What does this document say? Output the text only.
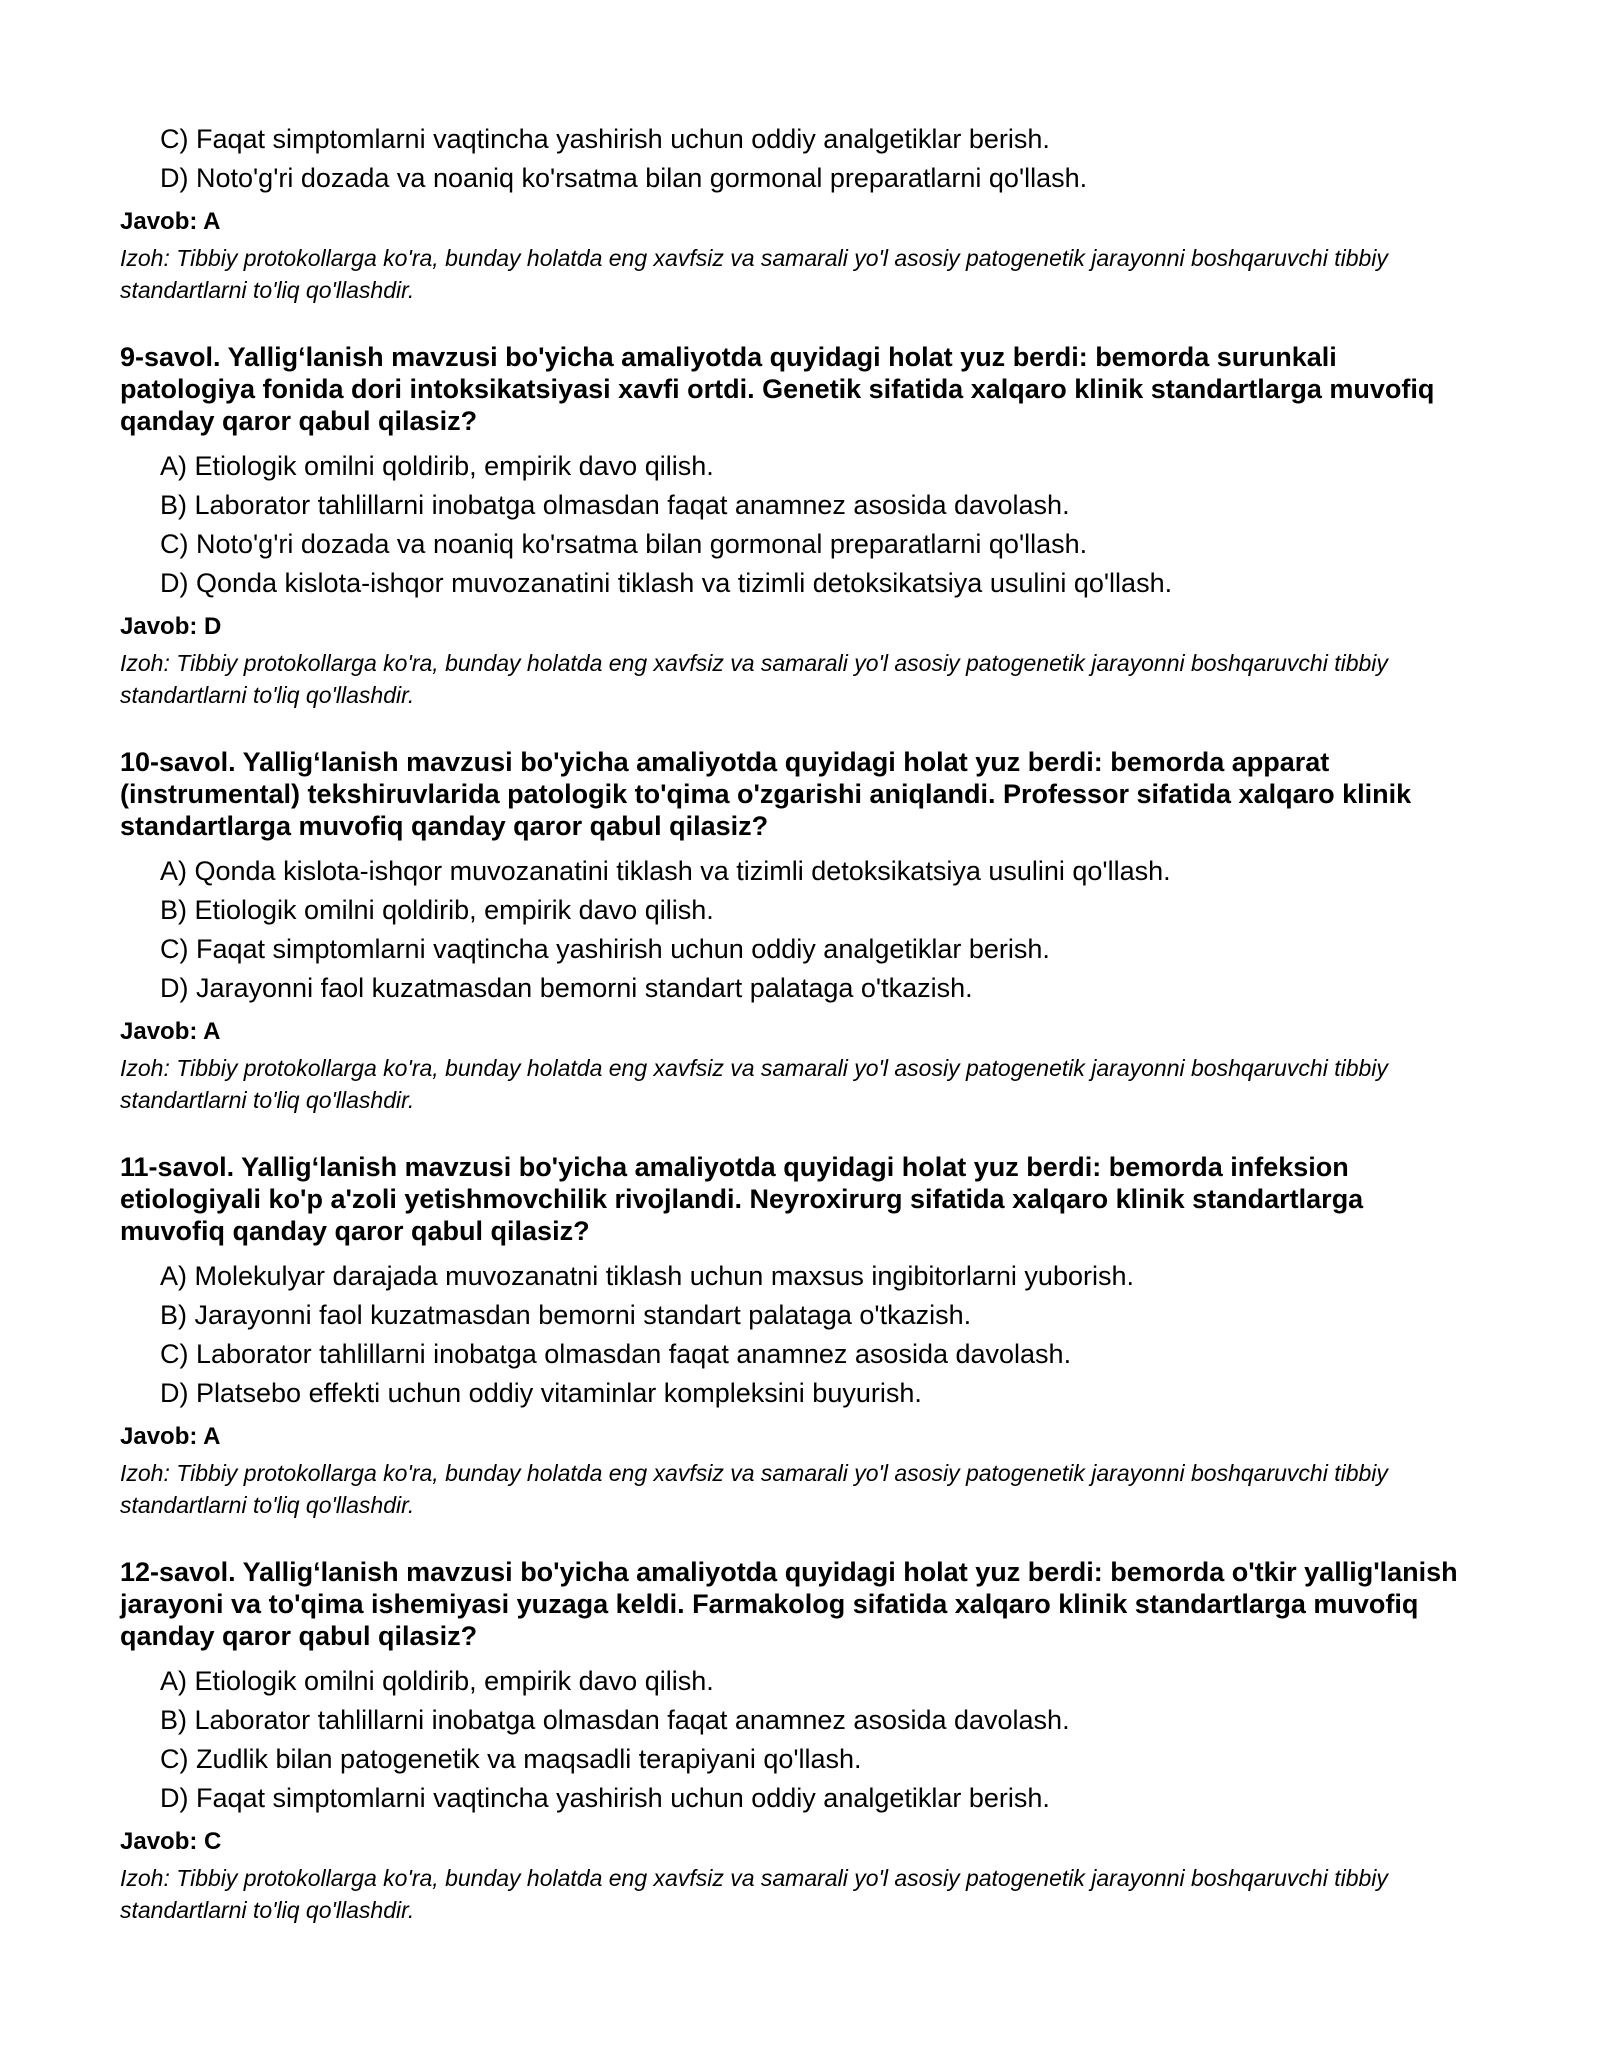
C) Faqat simptomlarni vaqtincha yashirish uchun oddiy analgetiklar berish.
D) Noto'g'ri dozada va noaniq ko'rsatma bilan gormonal preparatlarni qo'llash.
Javob: A
Izoh: Tibbiy protokollarga ko'ra, bunday holatda eng xavfsiz va samarali yo'l asosiy patogenetik jarayonni boshqaruvchi tibbiy standartlarni to'liq qo'llashdir.
9-savol. Yallig‘lanish mavzusi bo'yicha amaliyotda quyidagi holat yuz berdi: bemorda surunkali patologiya fonida dori intoksikatsiyasi xavfi ortdi. Genetik sifatida xalqaro klinik standartlarga muvofiq qanday qaror qabul qilasiz?
A) Etiologik omilni qoldirib, empirik davo qilish.
B) Laborator tahlillarni inobatga olmasdan faqat anamnez asosida davolash.
C) Noto'g'ri dozada va noaniq ko'rsatma bilan gormonal preparatlarni qo'llash.
D) Qonda kislota-ishqor muvozanatini tiklash va tizimli detoksikatsiya usulini qo'llash.
Javob: D
Izoh: Tibbiy protokollarga ko'ra, bunday holatda eng xavfsiz va samarali yo'l asosiy patogenetik jarayonni boshqaruvchi tibbiy standartlarni to'liq qo'llashdir.
10-savol. Yallig‘lanish mavzusi bo'yicha amaliyotda quyidagi holat yuz berdi: bemorda apparat (instrumental) tekshiruvlarida patologik to'qima o'zgarishi aniqlandi. Professor sifatida xalqaro klinik standartlarga muvofiq qanday qaror qabul qilasiz?
A) Qonda kislota-ishqor muvozanatini tiklash va tizimli detoksikatsiya usulini qo'llash.
B) Etiologik omilni qoldirib, empirik davo qilish.
C) Faqat simptomlarni vaqtincha yashirish uchun oddiy analgetiklar berish.
D) Jarayonni faol kuzatmasdan bemorni standart palataga o'tkazish.
Javob: A
Izoh: Tibbiy protokollarga ko'ra, bunday holatda eng xavfsiz va samarali yo'l asosiy patogenetik jarayonni boshqaruvchi tibbiy standartlarni to'liq qo'llashdir.
11-savol. Yallig‘lanish mavzusi bo'yicha amaliyotda quyidagi holat yuz berdi: bemorda infeksion etiologiyali ko'p a'zoli yetishmovchilik rivojlandi. Neyroxirurg sifatida xalqaro klinik standartlarga muvofiq qanday qaror qabul qilasiz?
A) Molekulyar darajada muvozanatni tiklash uchun maxsus ingibitorlarni yuborish.
B) Jarayonni faol kuzatmasdan bemorni standart palataga o'tkazish.
C) Laborator tahlillarni inobatga olmasdan faqat anamnez asosida davolash.
D) Platsebo effekti uchun oddiy vitaminlar kompleksini buyurish.
Javob: A
Izoh: Tibbiy protokollarga ko'ra, bunday holatda eng xavfsiz va samarali yo'l asosiy patogenetik jarayonni boshqaruvchi tibbiy standartlarni to'liq qo'llashdir.
12-savol. Yallig‘lanish mavzusi bo'yicha amaliyotda quyidagi holat yuz berdi: bemorda o'tkir yallig'lanish jarayoni va to'qima ishemiyasi yuzaga keldi. Farmakolog sifatida xalqaro klinik standartlarga muvofiq qanday qaror qabul qilasiz?
A) Etiologik omilni qoldirib, empirik davo qilish.
B) Laborator tahlillarni inobatga olmasdan faqat anamnez asosida davolash.
C) Zudlik bilan patogenetik va maqsadli terapiyani qo'llash.
D) Faqat simptomlarni vaqtincha yashirish uchun oddiy analgetiklar berish.
Javob: C
Izoh: Tibbiy protokollarga ko'ra, bunday holatda eng xavfsiz va samarali yo'l asosiy patogenetik jarayonni boshqaruvchi tibbiy standartlarni to'liq qo'llashdir.
